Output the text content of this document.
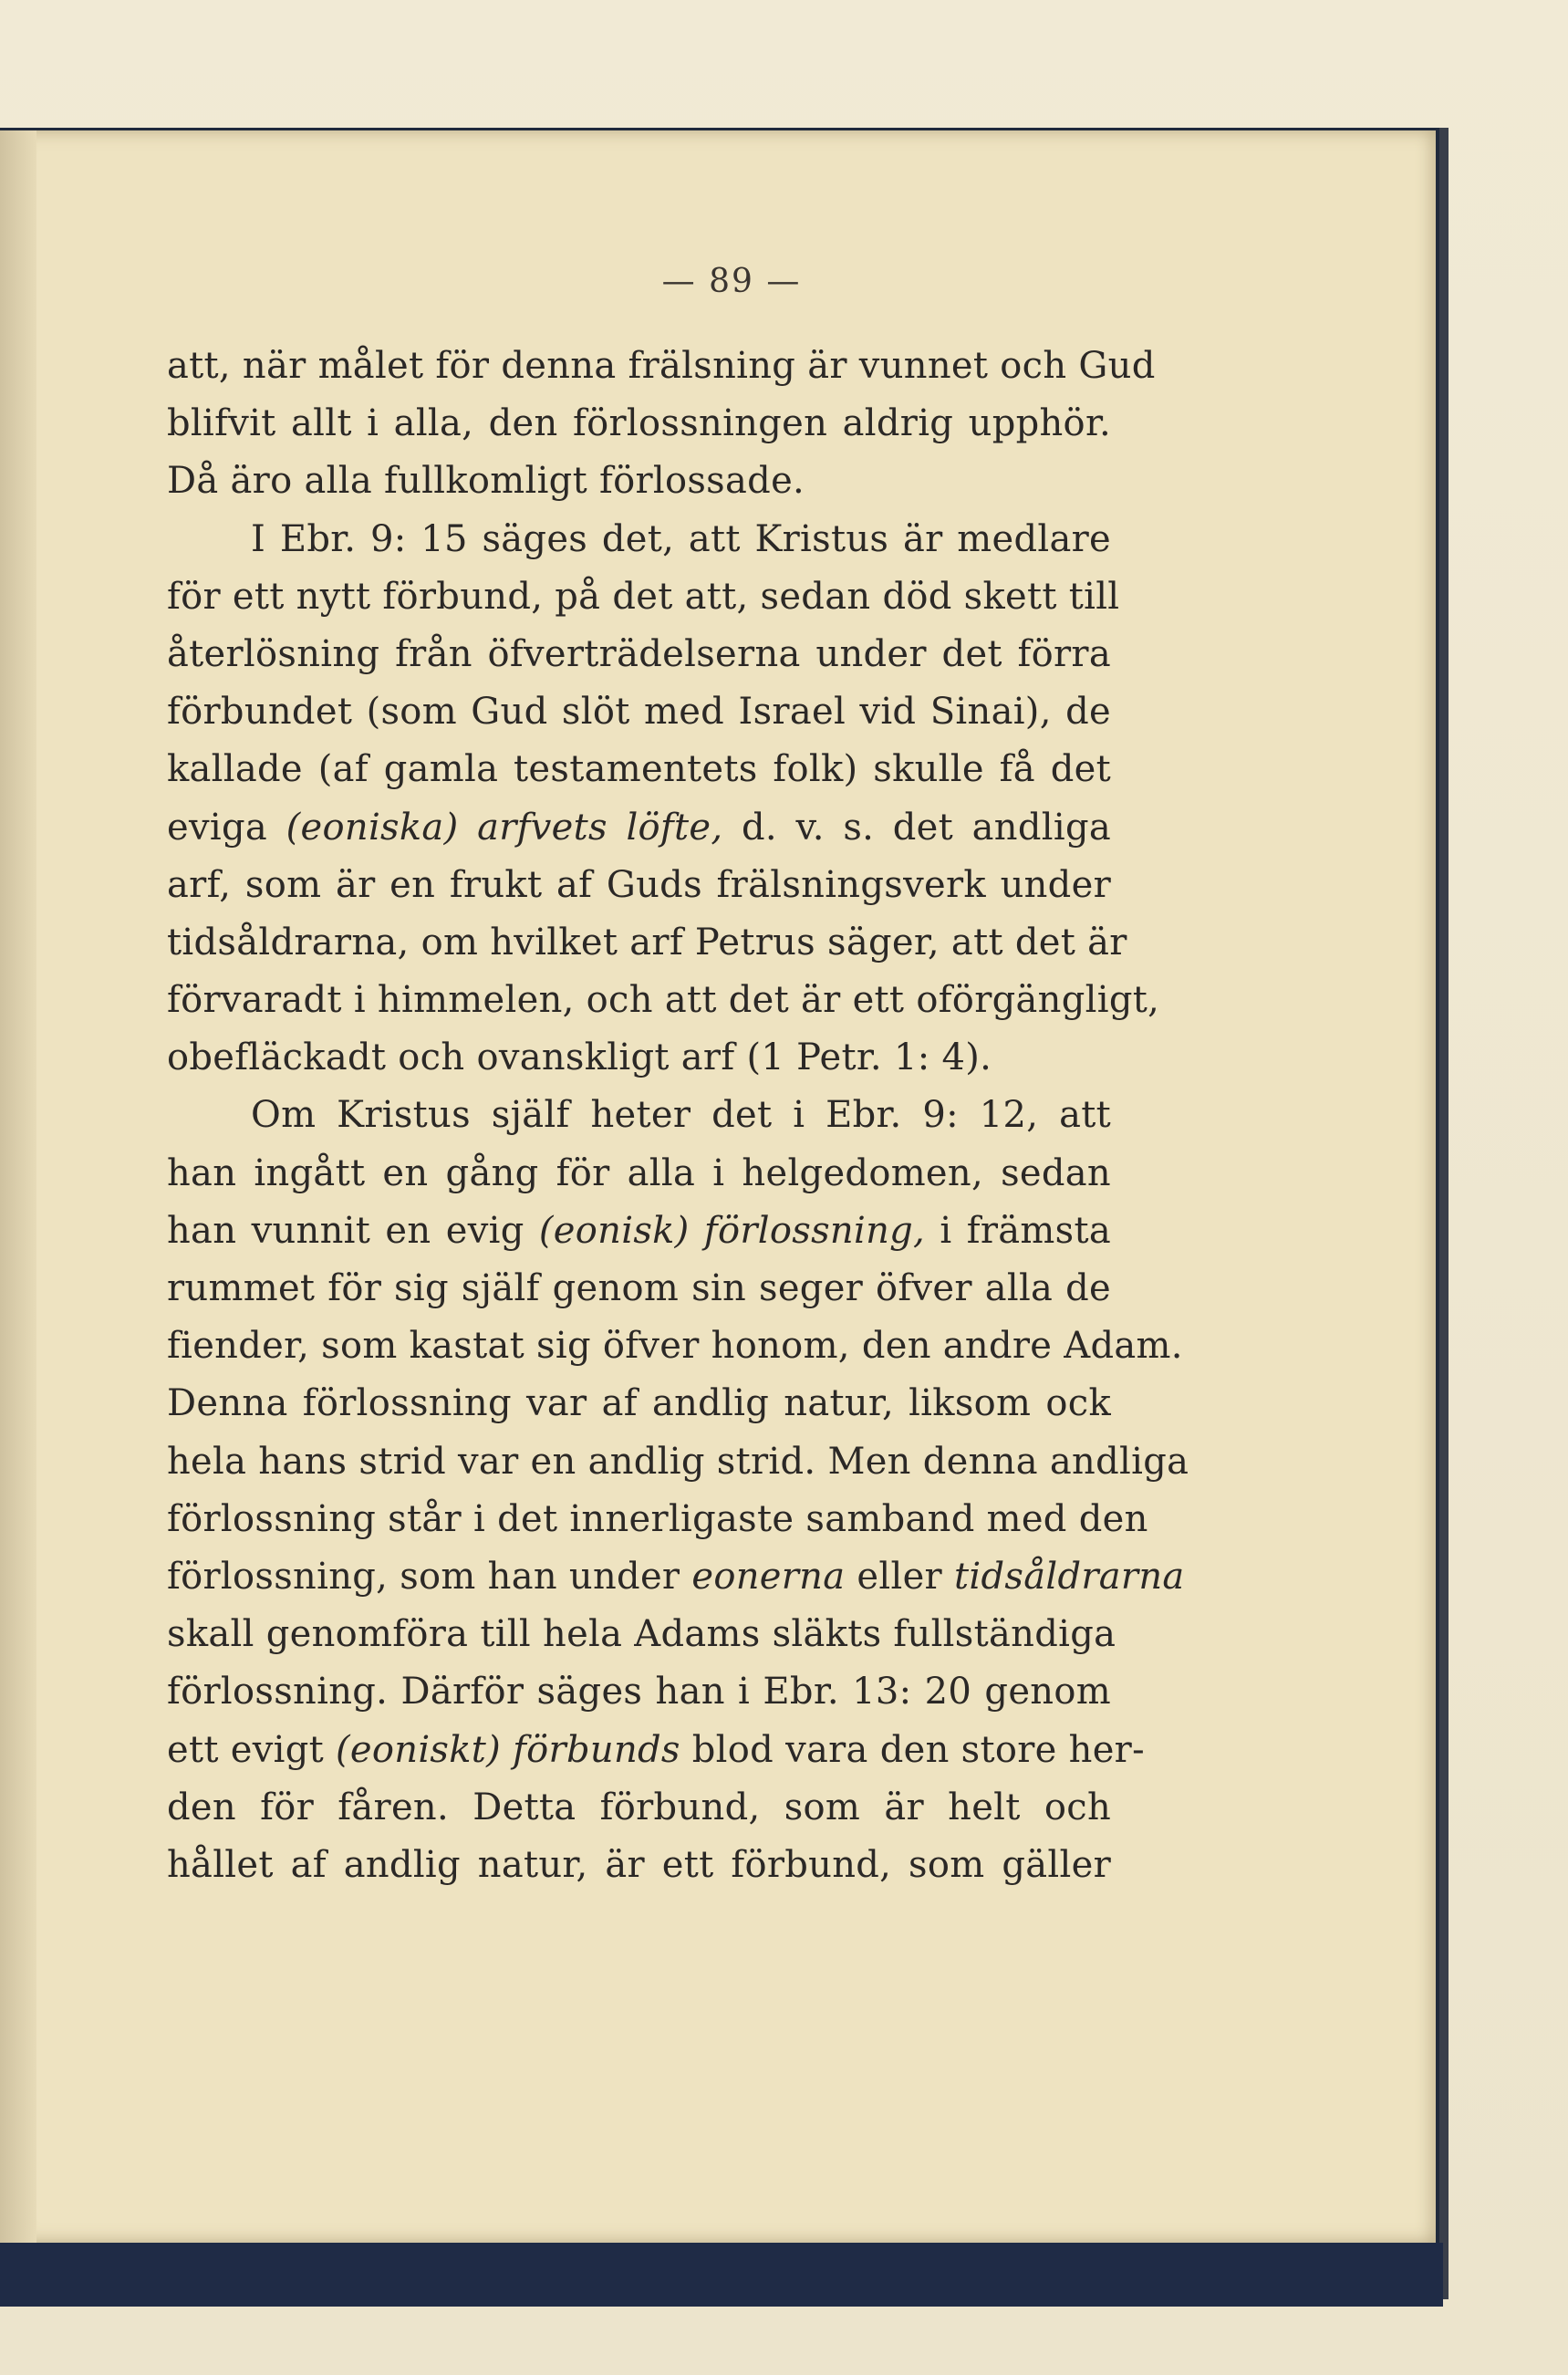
— 89 —
att, när målet för denna frälsning är vunnet och Gud
blifvit allt i alla, den förlossningen aldrig upphör.
Då äro alla fullkomligt förlossade.
I Ebr. 9: 15 säges det, att Kristus är medlare
för ett nytt förbund, på det att, sedan död skett till
återlösning från öfverträdelserna under det förra
förbundet (som Gud slöt med Israel vid Sinai), de
kallade (af gamla testamentets folk) skulle få det
eviga (eoniska) arfvets löfte, d. v. s. det andliga
arf, som är en frukt af Guds frälsningsverk under
tidsåldrarna, om hvilket arf Petrus säger, att det är
förvaradt i himmelen, och att det är ett oförgängligt,
obefläckadt och ovanskligt arf (1 Petr. 1: 4).
Om Kristus själf heter det i Ebr. 9: 12, att
han ingått en gång för alla i helgedomen, sedan
han vunnit en evig (eonisk) förlossning, i främsta
rummet för sig själf genom sin seger öfver alla de
fiender, som kastat sig öfver honom, den andre Adam.
Denna förlossning var af andlig natur, liksom ock
hela hans strid var en andlig strid. Men denna andliga
förlossning står i det innerligaste samband med den
förlossning, som han under eonerna eller tidsåldrarna
skall genomföra till hela Adams släkts fullständiga
förlossning. Därför säges han i Ebr. 13: 20 genom
ett evigt (eoniskt) förbunds blod vara den store her-
den för fåren. Detta förbund, som är helt och
hållet af andlig natur, är ett förbund, som gäller
